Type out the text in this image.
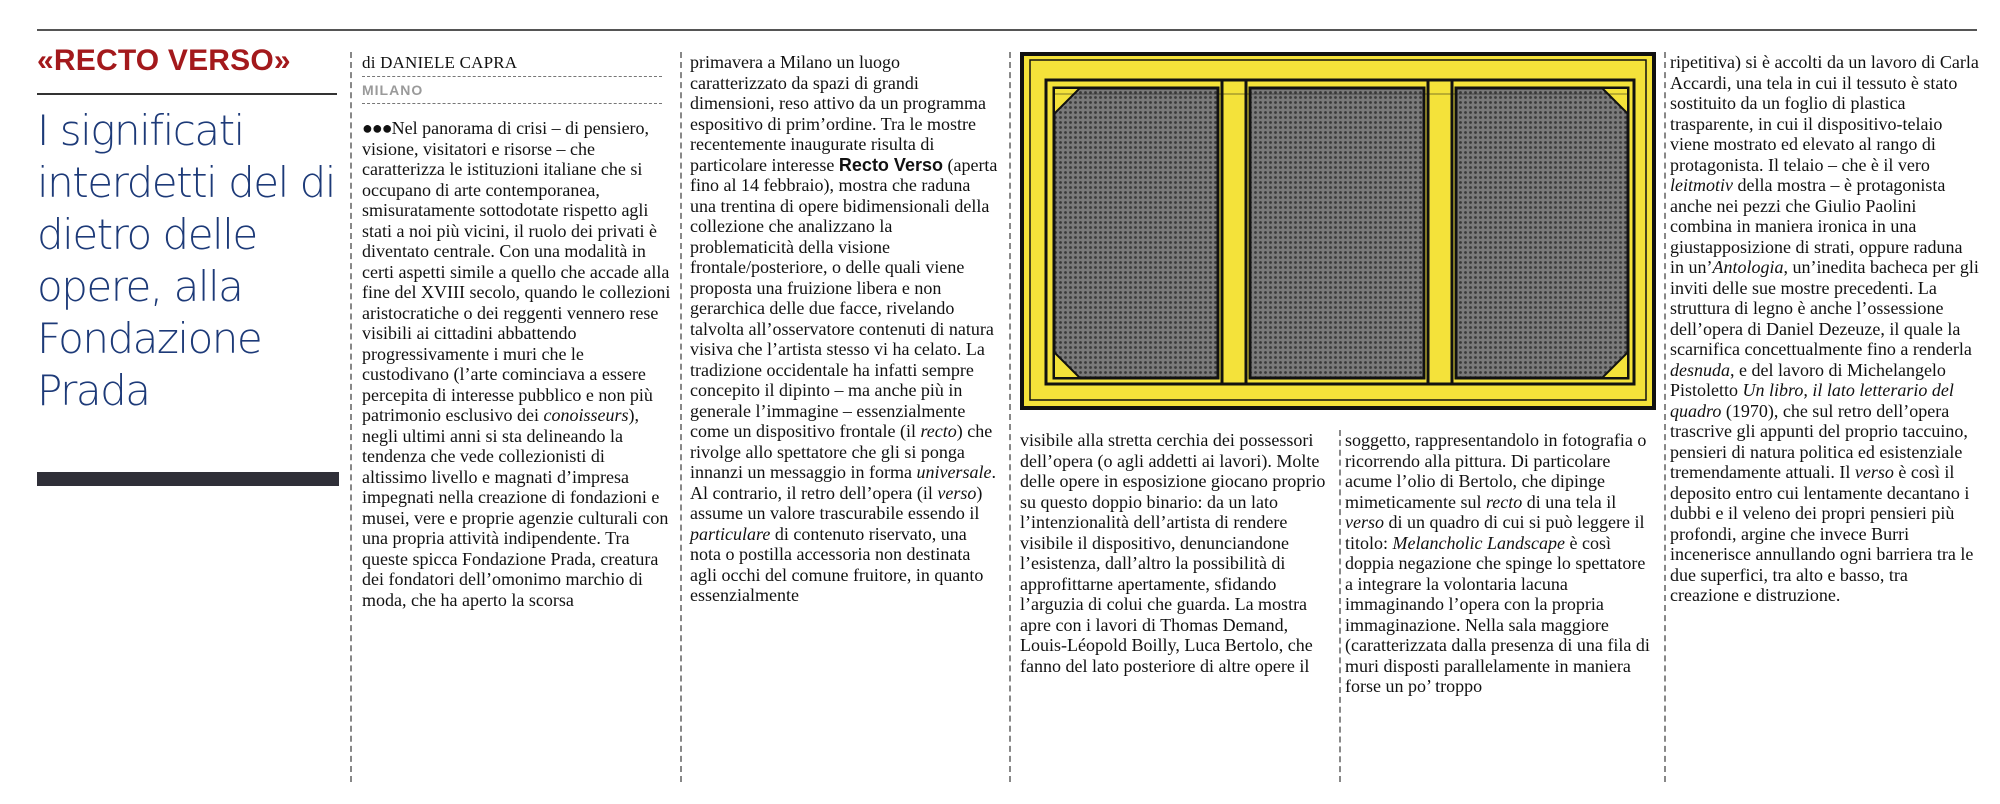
«RECTO VERSO»
I significati interdetti del di dietro delle opere, alla Fondazione Prada
di DANIELE CAPRA
MILANO
●●●Nel panorama di crisi – di pensiero, visione, visitatori e risorse – che caratterizza le istituzioni italiane che si occupano di arte contemporanea, smisuratamente sottodotate rispetto agli stati a noi più vicini, il ruolo dei privati è diventato centrale. Con una modalità in certi aspetti simile a quello che accade alla fine del XVIII secolo, quando le collezioni aristocratiche o dei reggenti vennero rese visibili ai cittadini abbattendo progressivamente i muri che le custodivano (l’arte cominciava a essere percepita di interesse pubblico e non più patrimonio esclusivo dei conoisseurs), negli ultimi anni si sta delineando la tendenza che vede collezionisti di altissimo livello e magnati d’impresa impegnati nella creazione di fondazioni e musei, vere e proprie agenzie culturali con una propria attività indipendente. Tra queste spicca Fondazione Prada, creatura dei fondatori dell’omonimo marchio di moda, che ha aperto la scorsa
primavera a Milano un luogo caratterizzato da spazi di grandi dimensioni, reso attivo da un programma espositivo di prim’ordine. Tra le mostre recentemente inaugurate risulta di particolare interesse Recto Verso (aperta fino al 14 febbraio), mostra che raduna una trentina di opere bidimensionali della collezione che analizzano la problematicità della visione frontale/posteriore, o delle quali viene proposta una fruizione libera e non gerarchica delle due facce, rivelando talvolta all’osservatore contenuti di natura visiva che l’artista stesso vi ha celato. La tradizione occidentale ha infatti sempre concepito il dipinto – ma anche più in generale l’immagine – essenzialmente come un dispositivo frontale (il recto) che rivolge allo spettatore che gli si ponga innanzi un messaggio in forma universale. Al contrario, il retro dell’opera (il verso) assume un valore trascurabile essendo il particulare di contenuto riservato, una nota o postilla accessoria non destinata agli occhi del comune fruitore, in quanto essenzialmente
visibile alla stretta cerchia dei possessori dell’opera (o agli addetti ai lavori). Molte delle opere in esposizione giocano proprio su questo doppio binario: da un lato l’intenzionalità dell’artista di rendere visibile il dispositivo, denunciandone l’esistenza, dall’altro la possibilità di approfittarne apertamente, sfidando l’arguzia di colui che guarda. La mostra apre con i lavori di Thomas Demand, Louis-Léopold Boilly, Luca Bertolo, che fanno del lato posteriore di altre opere il
soggetto, rappresentandolo in fotografia o ricorrendo alla pittura. Di particolare acume l’olio di Bertolo, che dipinge mimeticamente sul recto di una tela il verso di un quadro di cui si può leggere il titolo: Melancholic Landscape è così doppia negazione che spinge lo spettatore a integrare la volontaria lacuna immaginando l’opera con la propria immaginazione. Nella sala maggiore (caratterizzata dalla presenza di una fila di muri disposti parallelamente in maniera forse un po’ troppo
ripetitiva) si è accolti da un lavoro di Carla Accardi, una tela in cui il tessuto è stato sostituito da un foglio di plastica trasparente, in cui il dispositivo-telaio viene mostrato ed elevato al rango di protagonista. Il telaio – che è il vero leitmotiv della mostra – è protagonista anche nei pezzi che Giulio Paolini combina in maniera ironica in una giustapposizione di strati, oppure raduna in un’Antologia, un’inedita bacheca per gli inviti delle sue mostre precedenti. La struttura di legno è anche l’ossessione dell’opera di Daniel Dezeuze, il quale la scarnifica concettualmente fino a renderla desnuda, e del lavoro di Michelangelo Pistoletto Un libro, il lato letterario del quadro (1970), che sul retro dell’opera trascrive gli appunti del proprio taccuino, pensieri di natura politica ed esistenziale tremendamente attuali. Il verso è così il deposito entro cui lentamente decantano i dubbi e il veleno dei propri pensieri più profondi, argine che invece Burri incenerisce annullando ogni barriera tra le due superfici, tra alto e basso, tra creazione e distruzione.
